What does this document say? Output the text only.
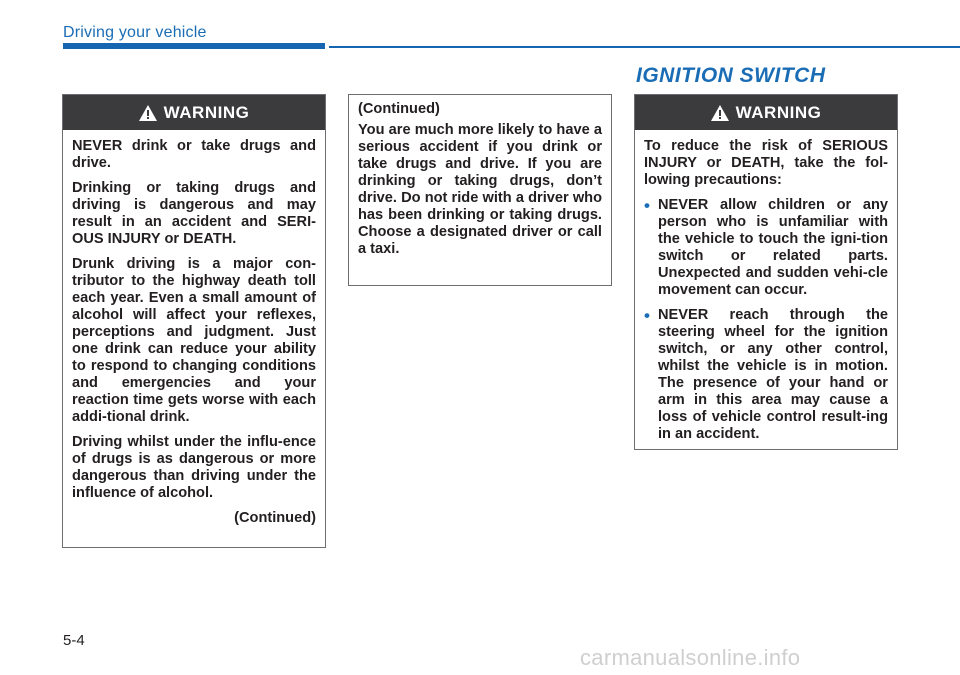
Driving your vehicle
IGNITION SWITCH
WARNING

NEVER drink or take drugs and drive.

Drinking or taking drugs and driving is dangerous and may result in an accident and SERI-OUS INJURY or DEATH.

Drunk driving is a major con-tributor to the highway death toll each year. Even a small amount of alcohol will affect your reflexes, perceptions and judgment. Just one drink can reduce your ability to respond to changing conditions and emergencies and your reaction time gets worse with each addi-tional drink.

Driving whilst under the influ-ence of drugs is as dangerous or more dangerous than driving under the influence of alcohol.

(Continued)

(Continued)

You are much more likely to have a serious accident if you drink or take drugs and drive. If you are drinking or taking drugs, don’t drive. Do not ride with a driver who has been drinking or taking drugs. Choose a designated driver or call a taxi.

WARNING

To reduce the risk of SERIOUS INJURY or DEATH, take the fol-lowing precautions:

• NEVER allow children or any person who is unfamiliar with the vehicle to touch the igni-tion switch or related parts. Unexpected and sudden vehi-cle movement can occur.
• NEVER reach through the steering wheel for the ignition switch, or any other control, whilst the vehicle is in motion. The presence of your hand or arm in this area may cause a loss of vehicle control result-ing in an accident.
5-4
carmanualsonline.info
